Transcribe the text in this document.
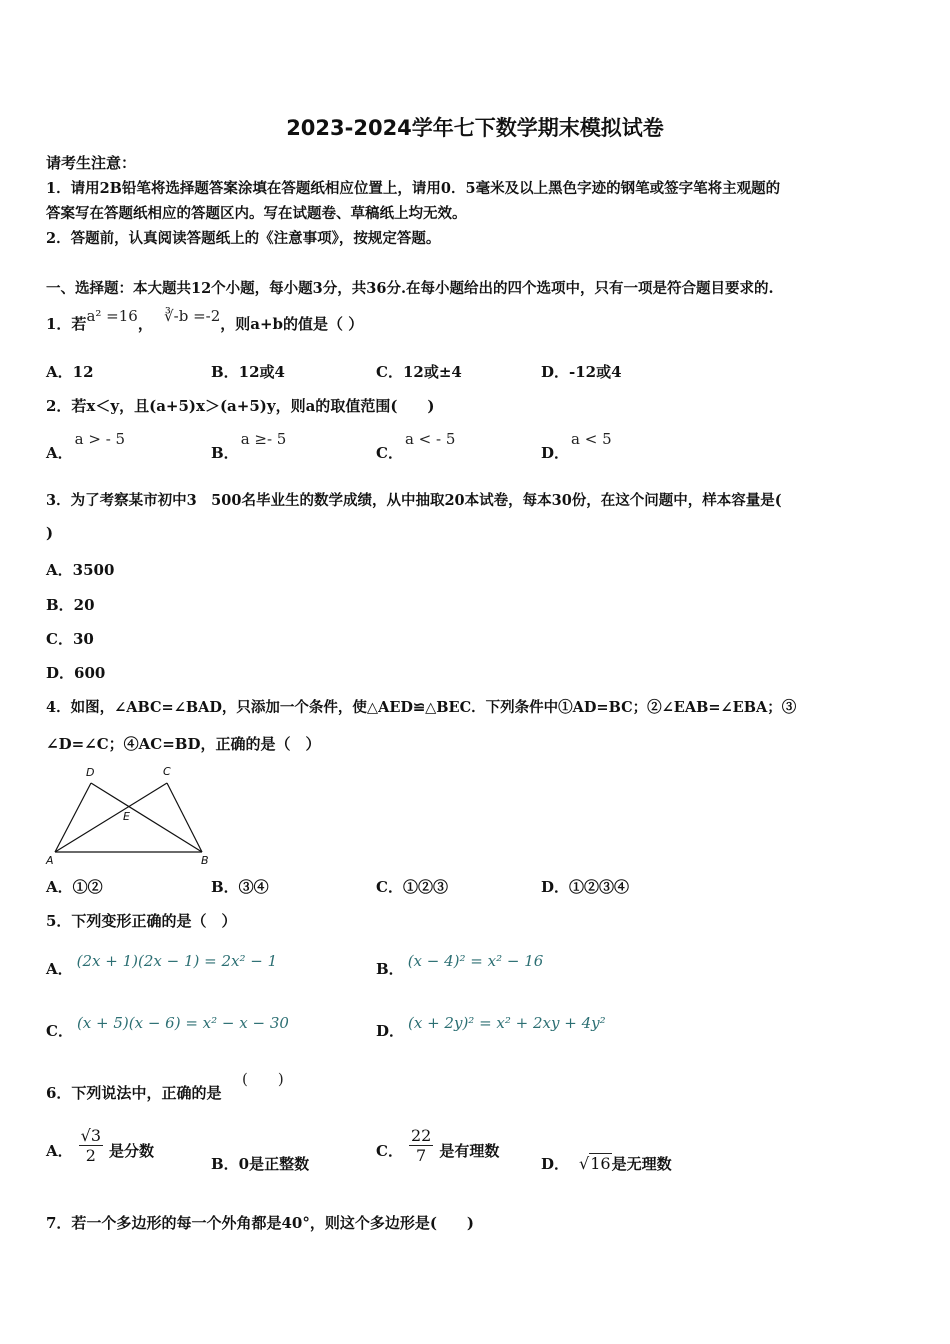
2023-2024学年七下数学期末模拟试卷
请考生注意：
1．请用2B铅笔将选择题答案涂填在答题纸相应位置上，请用0．5毫米及以上黑色字迹的钢笔或签字笔将主观题的
答案写在答题纸相应的答题区内。写在试题卷、草稿纸上均无效。
2．答题前，认真阅读答题纸上的《注意事项》，按规定答题。
一、选择题：本大题共12个小题，每小题3分，共36分.在每小题给出的四个选项中，只有一项是符合题目要求的.
1．若a² =16， ∛-b =-2，则a+b的值是（ ）
A．12	B．12或4	C．12或±4	D．-12或4
2．若x＜y，且(a+5)x＞(a+5)y，则a的取值范围(　　)
A．a > - 5
B．a ≥- 5
C．a < - 5
D．a < 5
3．为了考察某市初中3　500名毕业生的数学成绩，从中抽取20本试卷，每本30份，在这个问题中，样本容量是(
)
A．3500
B．20
C．30
D．600
4．如图，∠ABC=∠BAD，只添加一个条件，使△AED≌△BEC．下列条件中①AD=BC；②∠EAB=∠EBA；③
∠D=∠C；④AC=BD，正确的是（　）
D	C
E
A	B
A．①②	B．③④	C．①②③	D．①②③④
5．下列变形正确的是（　）
A． (2x + 1)(2x − 1) = 2x² − 1	B． (x − 4)² = x² − 16
C． (x + 5)(x − 6) = x² − x − 30	D． (x + 2y)² = x² + 2xy + 4y²
6．下列说法中，正确的是
(　　)
A． $\frac{√3}{2}$ 是分数
B．0是正整数
C． $\frac{22}{7}$ 是有理数
D． √16是无理数
7．若一个多边形的每一个外角都是40°，则这个多边形是(　　)
